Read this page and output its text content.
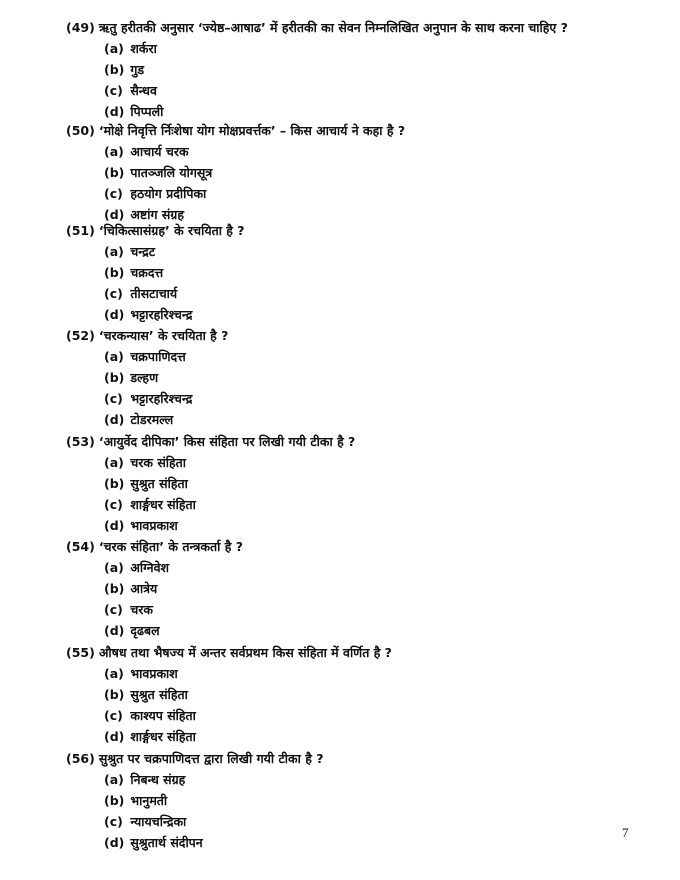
(49) ऋतु हरीतकी अनुसार ‘ज्येष्ठ–आषाढ’ में हरीतकी का सेवन निम्नलिखित अनुपान के साथ करना चाहिए ?
(a) शर्करा
(b) गुड
(c) सैन्धव
(d) पिप्पली
(50) ‘मोक्षे निवृत्ति र्निःशेषा योग मोक्षप्रवर्त्तक’ – किस आचार्य ने कहा है ?
(a) आचार्य चरक
(b) पातञ्जलि योगसूत्र
(c) हठयोग प्रदीपिका
(d) अष्टांग संग्रह
(51) ‘चिकित्सासंग्रह’ के रचयिता है ?
(a) चन्द्रट
(b) चक्रदत्त
(c) तीसटाचार्य
(d) भट्टारहरिश्चन्द्र
(52) ‘चरकन्यास’ के रचयिता है ?
(a) चक्रपाणिदत्त
(b) डल्हण
(c) भट्टारहरिश्चन्द्र
(d) टोडरमल्ल
(53) ‘आयुर्वेद दीपिका’ किस संहिता पर लिखी गयी टीका है ?
(a) चरक संहिता
(b) सुश्रुत संहिता
(c) शार्ङ्गधर संहिता
(d) भावप्रकाश
(54) ‘चरक संहिता’ के तन्त्रकर्ता है ?
(a) अग्निवेश
(b) आत्रेय
(c) चरक
(d) दृढबल
(55) औषध तथा भैषज्य में अन्तर सर्वप्रथम किस संहिता में वर्णित है ?
(a) भावप्रकाश
(b) सुश्रुत संहिता
(c) काश्यप संहिता
(d) शार्ङ्गधर संहिता
(56) सुश्रुत पर चक्रपाणिदत्त द्वारा लिखी गयी टीका है ?
(a) निबन्ध संग्रह
(b) भानुमती
(c) न्यायचन्द्रिका
(d) सुश्रुतार्थ संदीपन
7
